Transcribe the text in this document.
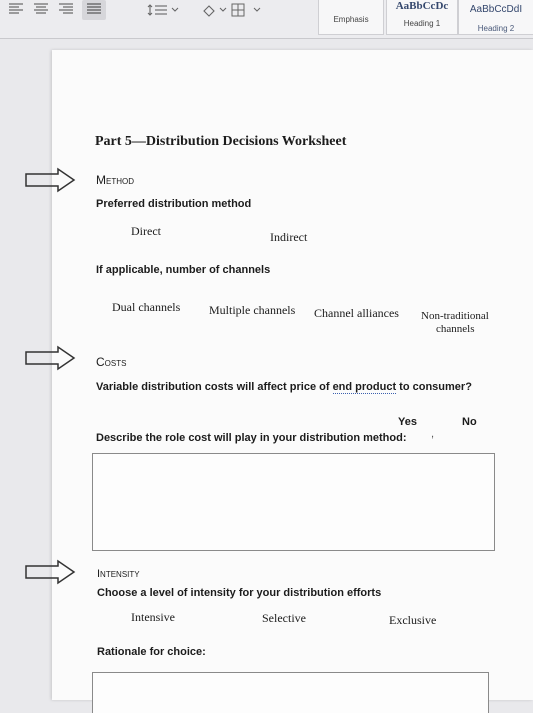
Emphasis
AaBbCcDc
Heading 1
AaBbCcDdI
Heading 2
Part 5—Distribution Decisions Worksheet
Method
Preferred distribution method
Direct	Indirect
If applicable, number of channels
Dual channels Multiple channels Channel alliances Non-traditional
channels
Costs
Variable distribution costs will affect price of end product to consumer?
Yes
,
No
Describe the role cost will play in your distribution method:
Intensity
Choose a level of intensity for your distribution efforts
Intensive	Selective	Exclusive
Rationale for choice:
